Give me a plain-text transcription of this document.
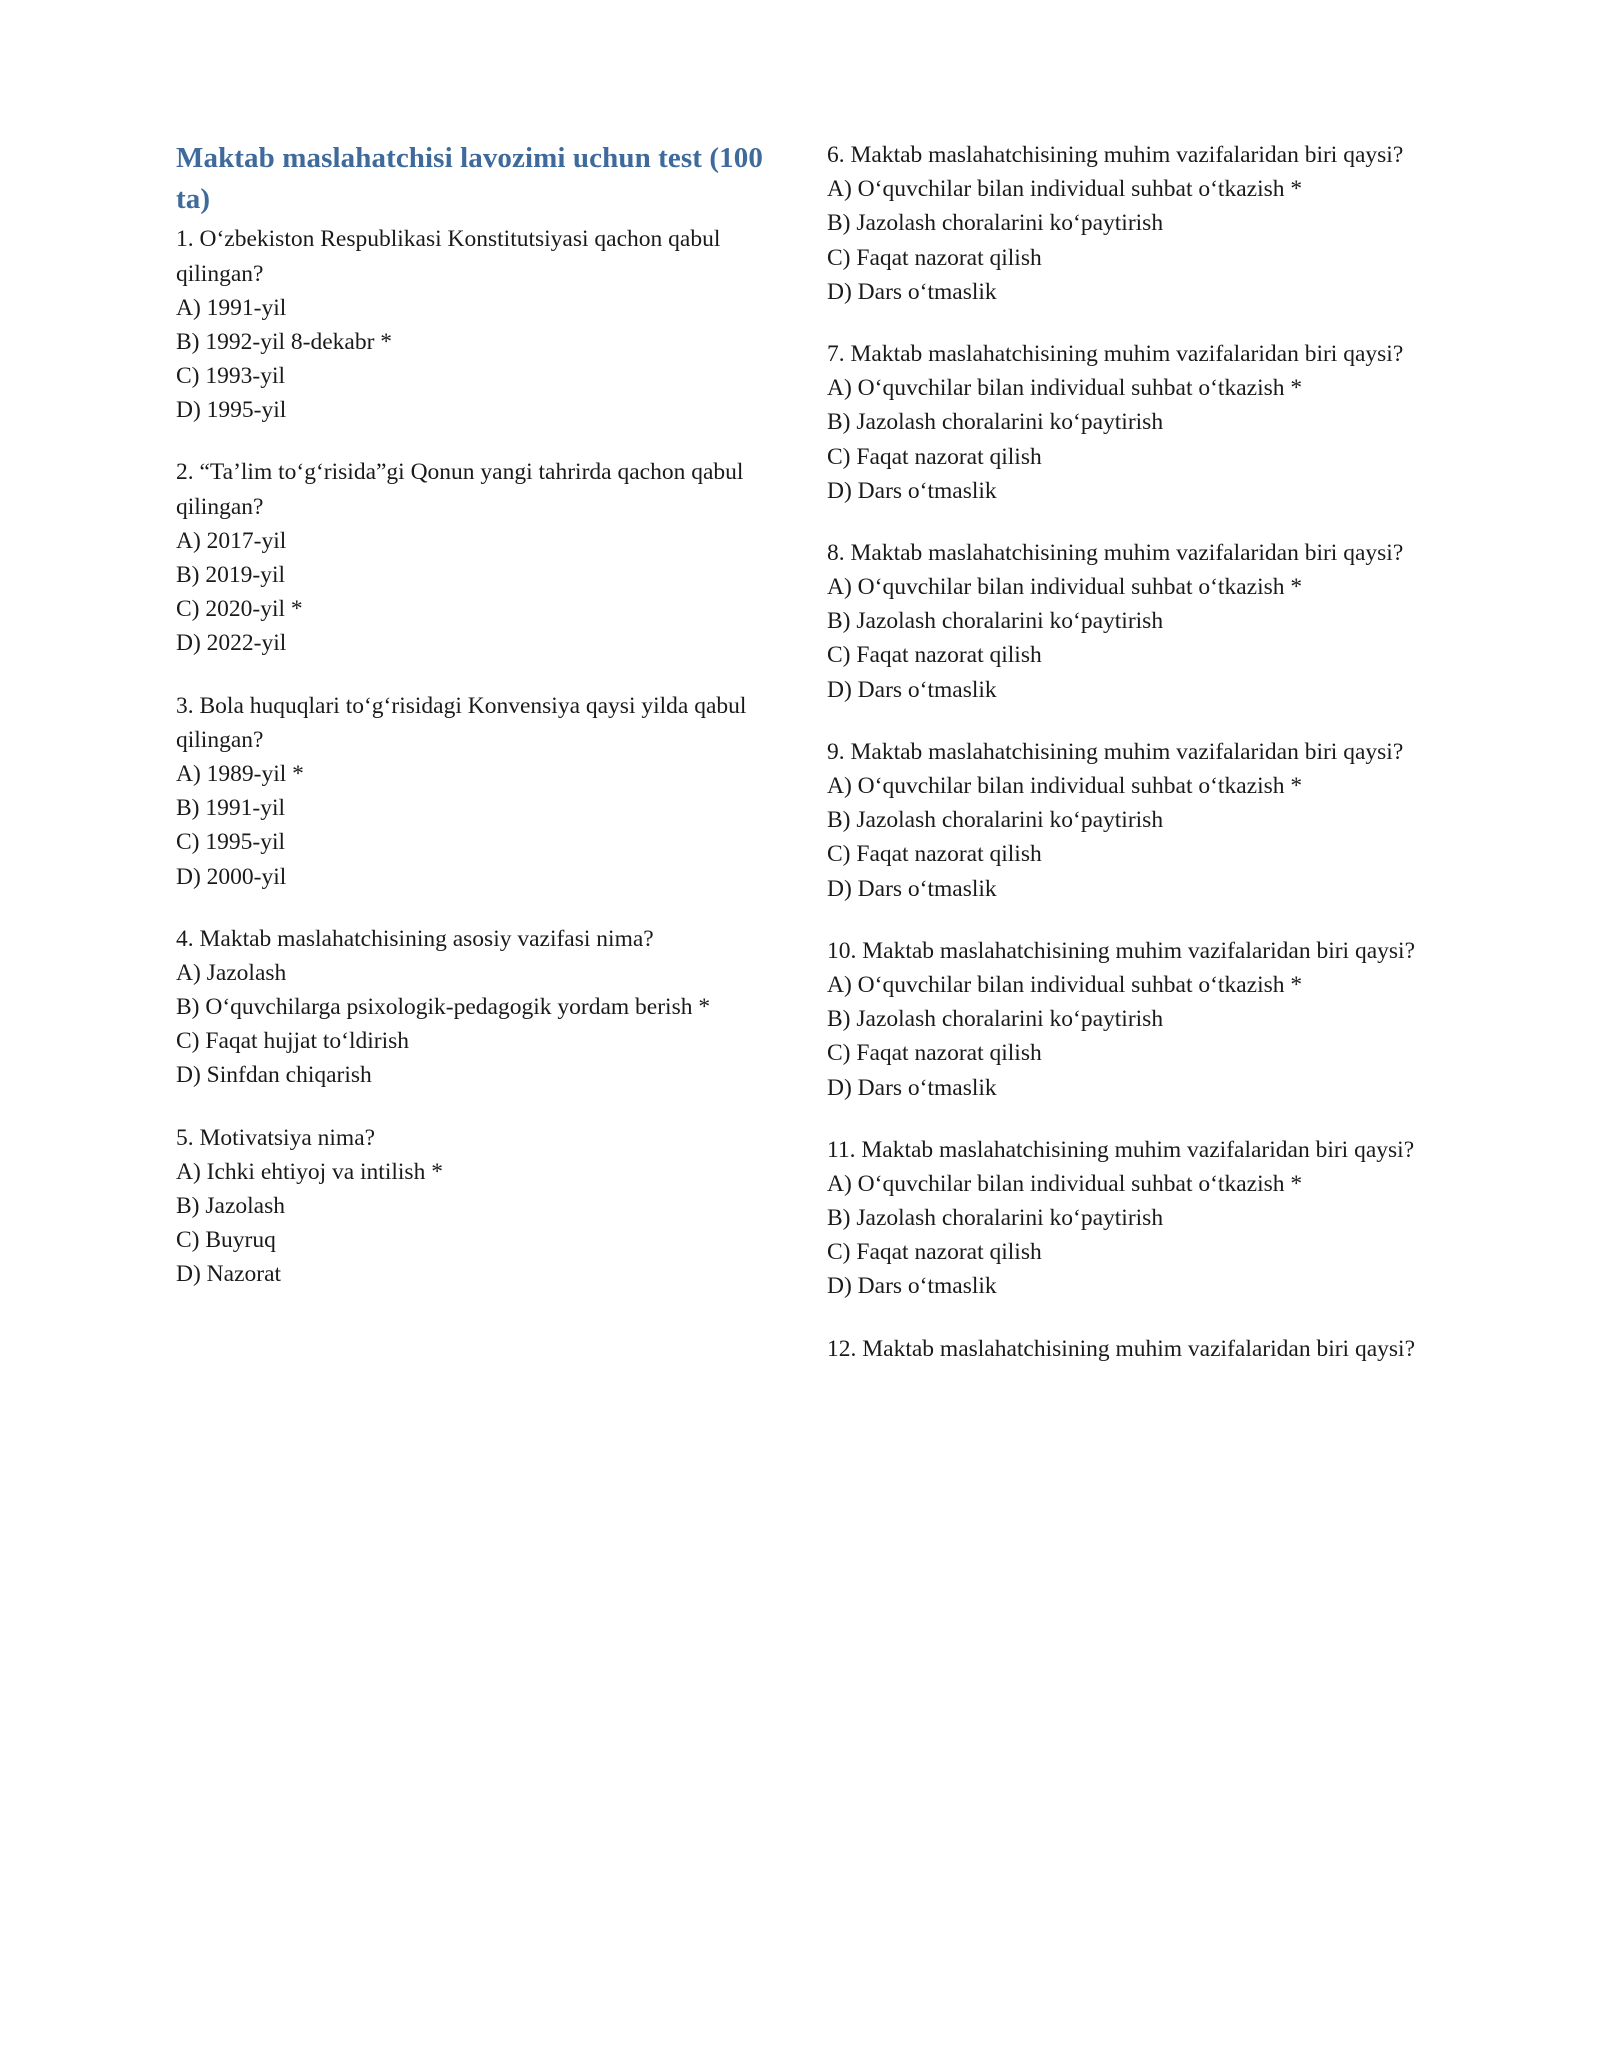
Maktab maslahatchisi lavozimi uchun test (100 ta)

1. O‘zbekiston Respublikasi Konstitutsiyasi qachon qabul qilingan?

A) 1991-yil

B) 1992-yil 8-dekabr *

C) 1993-yil

D) 1995-yil

2. “Ta’lim to‘g‘risida”gi Qonun yangi tahrirda qachon qabul qilingan?

A) 2017-yil

B) 2019-yil

C) 2020-yil *

D) 2022-yil

3. Bola huquqlari to‘g‘risidagi Konvensiya qaysi yilda qabul qilingan?

A) 1989-yil *

B) 1991-yil

C) 1995-yil

D) 2000-yil

4. Maktab maslahatchisining asosiy vazifasi nima?

A) Jazolash

B) O‘quvchilarga psixologik-pedagogik yordam berish *

C) Faqat hujjat to‘ldirish

D) Sinfdan chiqarish

5. Motivatsiya nima?

A) Ichki ehtiyoj va intilish *

B) Jazolash

C) Buyruq

D) Nazorat

6. Maktab maslahatchisining muhim vazifalaridan biri qaysi?

A) O‘quvchilar bilan individual suhbat o‘tkazish *

B) Jazolash choralarini ko‘paytirish

C) Faqat nazorat qilish

D) Dars o‘tmaslik

7. Maktab maslahatchisining muhim vazifalaridan biri qaysi?

A) O‘quvchilar bilan individual suhbat o‘tkazish *

B) Jazolash choralarini ko‘paytirish

C) Faqat nazorat qilish

D) Dars o‘tmaslik

8. Maktab maslahatchisining muhim vazifalaridan biri qaysi?

A) O‘quvchilar bilan individual suhbat o‘tkazish *

B) Jazolash choralarini ko‘paytirish

C) Faqat nazorat qilish

D) Dars o‘tmaslik

9. Maktab maslahatchisining muhim vazifalaridan biri qaysi?

A) O‘quvchilar bilan individual suhbat o‘tkazish *

B) Jazolash choralarini ko‘paytirish

C) Faqat nazorat qilish

D) Dars o‘tmaslik

10. Maktab maslahatchisining muhim vazifalaridan biri qaysi?

A) O‘quvchilar bilan individual suhbat o‘tkazish *

B) Jazolash choralarini ko‘paytirish

C) Faqat nazorat qilish

D) Dars o‘tmaslik

11. Maktab maslahatchisining muhim vazifalaridan biri qaysi?

A) O‘quvchilar bilan individual suhbat o‘tkazish *

B) Jazolash choralarini ko‘paytirish

C) Faqat nazorat qilish

D) Dars o‘tmaslik

12. Maktab maslahatchisining muhim vazifalaridan biri qaysi?
